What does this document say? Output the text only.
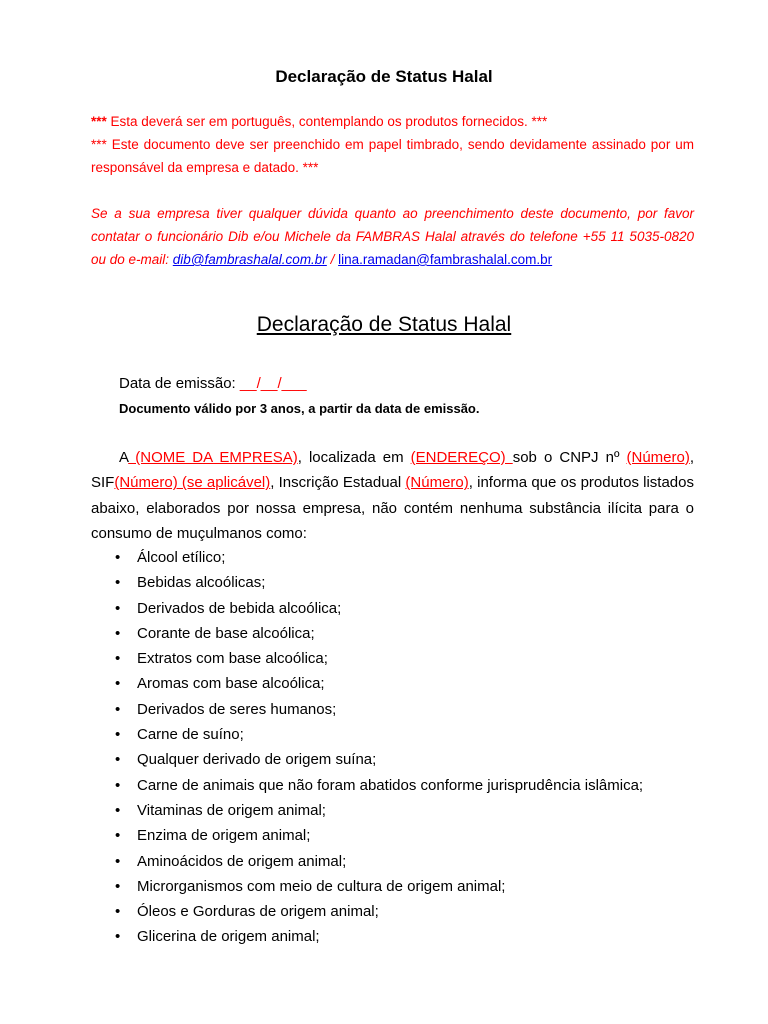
Declaração de Status Halal
*** Esta deverá ser em português, contemplando os produtos fornecidos. ***
*** Este documento deve ser preenchido em papel timbrado, sendo devidamente assinado por um responsável da empresa e datado. ***
Se a sua empresa tiver qualquer dúvida quanto ao preenchimento deste documento, por favor contatar o funcionário Dib e/ou Michele da FAMBRAS Halal através do telefone +55 11 5035-0820 ou do e-mail: dib@fambrashalal.com.br / lina.ramadan@fambrashalal.com.br
Declaração de Status Halal
Data de emissão: __/__/___
Documento válido por 3 anos, a partir da data de emissão.
A (NOME DA EMPRESA), localizada em (ENDEREÇO) sob o CNPJ nº (Número), SIF(Número) (se aplicável), Inscrição Estadual (Número), informa que os produtos listados abaixo, elaborados por nossa empresa, não contém nenhuma substância ilícita para o consumo de muçulmanos como:
• Álcool etílico;
• Bebidas alcoólicas;
• Derivados de bebida alcoólica;
• Corante de base alcoólica;
• Extratos com base alcoólica;
• Aromas com base alcoólica;
• Derivados de seres humanos;
• Carne de suíno;
• Qualquer derivado de origem suína;
• Carne de animais que não foram abatidos conforme jurisprudência islâmica;
• Vitaminas de origem animal;
• Enzima de origem animal;
• Aminoácidos de origem animal;
• Microrganismos com meio de cultura de origem animal;
• Óleos e Gorduras de origem animal;
• Glicerina de origem animal;
